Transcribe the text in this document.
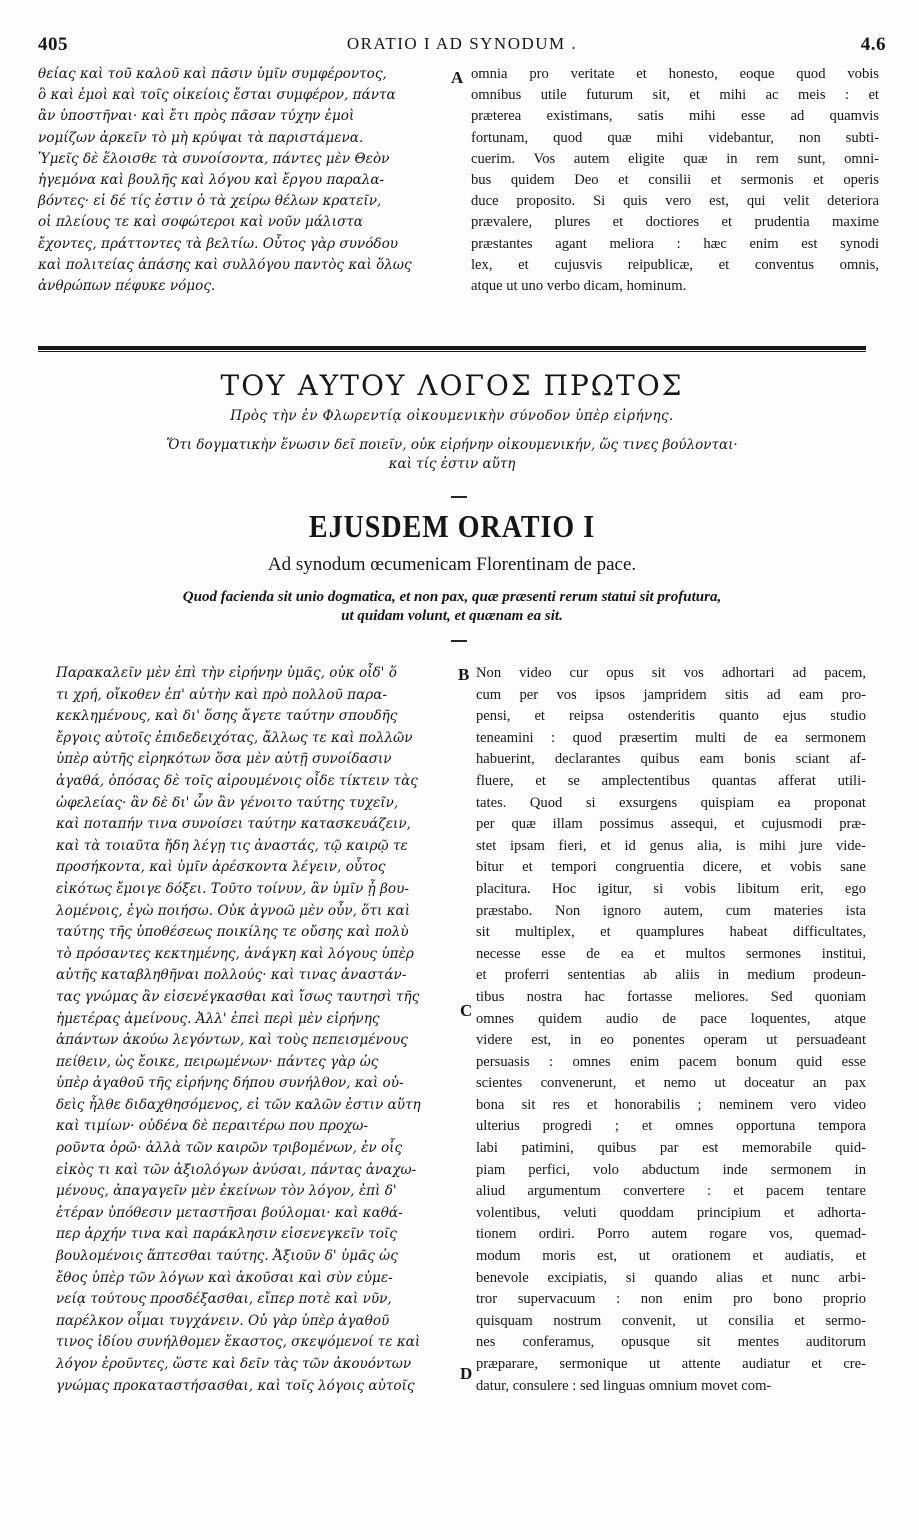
405	ORATIO I AD SYNODUM .	4.6
θείας καὶ τοῦ καλοῦ καὶ πᾶσιν ὑμῖν συμφέροντος,
ὃ καὶ ἐμοὶ καὶ τοῖς οἰκείοις ἔσται συμφέρον, πάντα
ἂν ὑποστῆναι· καὶ ἔτι πρὸς πᾶσαν τύχην ἐμοὶ
νομίζων ἀρκεῖν τὸ μὴ κρύψαι τὰ παριστάμενα.
Ὑμεῖς δὲ ἕλοισθε τὰ συνοίσοντα, πάντες μὲν Θεὸν
ἡγεμόνα καὶ βουλῆς καὶ λόγου καὶ ἔργου παραλα-
βόντες· εἰ δέ τίς ἐστιν ὁ τὰ χείρω θέλων κρατεῖν,
οἱ πλείους τε καὶ σοφώτεροι καὶ νοῦν μάλιστα
ἔχοντες, πράττοντες τὰ βελτίω. Οὗτος γὰρ συνόδου
καὶ πολιτείας ἁπάσης καὶ συλλόγου παντὸς καὶ ὅλως
ἀνθρώπων πέφυκε νόμος.
A omnia pro veritate et honesto, eoque quod vobis
omnibus utile futurum sit, et mihi ac meis : et
præterea existimans, satis mihi esse ad quamvis
fortunam, quod quæ mihi videbantur, non subti-
cuerim. Vos autem eligite quæ in rem sunt, omni-
bus quidem Deo et consilii et sermonis et operis
duce proposito. Si quis vero est, qui velit deteriora
prævalere, plures et doctiores et prudentia maxime
præstantes agant meliora : hæc enim est synodi
lex, et cujusvis reipublicæ, et conventus omnis,
atque ut uno verbo dicam, hominum.
ΤΟΥ ΑΥΤΟΥ ΛΟΓΟΣ ΠΡΩΤΟΣ
Πρὸς τὴν ἐν Φλωρεντίᾳ οἰκουμενικὴν σύνοδον ὑπὲρ εἰρήνης.
Ὅτι δογματικὴν ἕνωσιν δεῖ ποιεῖν, οὐκ εἰρήνην οἰκουμενικήν, ὥς τινες βούλονται·
καὶ τίς ἐστιν αὕτη
EJUSDEM ORATIO I
Ad synodum œcumenicam Florentinam de pace.
Quod facienda sit unio dogmatica, et non pax, quæ præsenti rerum statui sit profutura,
ut quidam volunt, et quænam ea sit.
Παρακαλεῖν μὲν ἐπὶ τὴν εἰρήνην ὑμᾶς, οὐκ οἶδ' ὅ
τι χρή, οἴκοθεν ἐπ' αὐτὴν καὶ πρὸ πολλοῦ παρα-
κεκλημένους, καὶ δι' ὅσης ἄγετε ταύτην σπουδῆς
ἔργοις αὐτοῖς ἐπιδεδειχότας, ἄλλως τε καὶ πολλῶν
ὑπὲρ αὐτῆς εἰρηκότων ὅσα μὲν αὐτῇ συνοίδασιν
ἀγαθά, ὁπόσας δὲ τοῖς αἱρουμένοις οἶδε τίκτειν τὰς
ὠφελείας· ἂν δὲ δι' ὧν ἂν γένοιτο ταύτης τυχεῖν,
καὶ ποταπήν τινα συνοίσει ταύτην κατασκευάζειν,
καὶ τὰ τοιαῦτα ἤδη λέγῃ τις ἀναστάς, τῷ καιρῷ τε
προσήκοντα, καὶ ὑμῖν ἀρέσκοντα λέγειν, οὗτος
εἰκότως ἔμοιγε δόξει. Τοῦτο τοίνυν, ἂν ὑμῖν ᾖ βου-
λομένοις, ἐγὼ ποιήσω. Οὐκ ἀγνοῶ μὲν οὖν, ὅτι καὶ
ταύτης τῆς ὑποθέσεως ποικίλης τε οὔσης καὶ πολὺ
τὸ πρόσαντες κεκτημένης, ἀνάγκη καὶ λόγους ὑπὲρ
αὐτῆς καταβληθῆναι πολλούς· καὶ τινας ἀναστάν-
τας γνώμας ἂν εἰσενέγκασθαι καὶ ἴσως ταυτησὶ τῆς
ἡμετέρας ἀμείνους. Ἀλλ' ἐπεὶ περὶ μὲν εἰρήνης
ἁπάντων ἀκούω λεγόντων, καὶ τοὺς πεπεισμένους
πείθειν, ὡς ἔοικε, πειρωμένων· πάντες γὰρ ὡς
ὑπὲρ ἀγαθοῦ τῆς εἰρήνης δήπου συνήλθον, καὶ οὐ-
δεὶς ἦλθε διδαχθησόμενος, εἰ τῶν καλῶν ἐστιν αὕτη
καὶ τιμίων· οὐδένα δὲ περαιτέρω που προχω-
ροῦντα ὁρῶ· ἀλλὰ τῶν καιρῶν τριβομένων, ἐν οἷς
εἰκὸς τι καὶ τῶν ἀξιολόγων ἀνύσαι, πάντας ἀναχω-
μένους, ἀπαγαγεῖν μὲν ἐκείνων τὸν λόγον, ἐπὶ δ'
ἑτέραν ὑπόθεσιν μεταστῆσαι βούλομαι· καὶ καθά-
περ ἀρχήν τινα καὶ παράκλησιν εἰσενεγκεῖν τοῖς
βουλομένοις ἅπτεσθαι ταύτης. Ἀξιοῦν δ' ὑμᾶς ὡς
ἔθος ὑπὲρ τῶν λόγων καὶ ἀκοῦσαι καὶ σὺν εὐμε-
νείᾳ τούτους προσδέξασθαι, εἴπερ ποτὲ καὶ νῦν,
παρέλκον οἶμαι τυγχάνειν. Οὐ γὰρ ὑπὲρ ἀγαθοῦ
τινος ἰδίου συνήλθομεν ἕκαστος, σκεψόμενοί τε καὶ
λόγον ἐροῦντες, ὥστε καὶ δεῖν τὰς τῶν ἀκουόντων
γνώμας προκαταστήσασθαι, καὶ τοῖς λόγοις αὐτοῖς
B
C
D
Non video cur opus sit vos adhortari ad pacem,
cum per vos ipsos jampridem sitis ad eam pro-
pensi, et reipsa ostenderitis quanto ejus studio
teneamini : quod præsertim multi de ea sermonem
habuerint, declarantes quibus eam bonis sciant af-
fluere, et se amplectentibus quantas afferat utili-
tates. Quod si exsurgens quispiam ea proponat
per quæ illam possimus assequi, et cujusmodi præ-
stet ipsam fieri, et id genus alia, is mihi jure vide-
bitur et tempori congruentia dicere, et vobis sane
placitura. Hoc igitur, si vobis libitum erit, ego
præstabo. Non ignoro autem, cum materies ista
sit multiplex, et quamplures habeat difficultates,
necesse esse de ea et multos sermones institui,
et proferri sententias ab aliis in medium prodeun-
tibus nostra hac fortasse meliores. Sed quoniam
omnes quidem audio de pace loquentes, atque
videre est, in eo ponentes operam ut persuadeant
persuasis : omnes enim pacem bonum quid esse
scientes convenerunt, et nemo ut doceatur an pax
bona sit res et honorabilis ; neminem vero video
ulterius progredi ; et omnes opportuna tempora
labi patimini, quibus par est memorabile quid-
piam perfici, volo abductum inde sermonem in
aliud argumentum convertere : et pacem tentare
volentibus, veluti quoddam principium et adhorta-
tionem ordiri. Porro autem rogare vos, quemad-
modum moris est, ut orationem et audiatis, et
benevole excipiatis, si quando alias et nunc arbi-
tror supervacuum : non enim pro bono proprio
quisquam nostrum convenit, ut consilia et sermo-
nes conferamus, opusque sit mentes auditorum
præparare, sermonique ut attente audiatur et cre-
datur, consulere : sed linguas omnium movet com-
